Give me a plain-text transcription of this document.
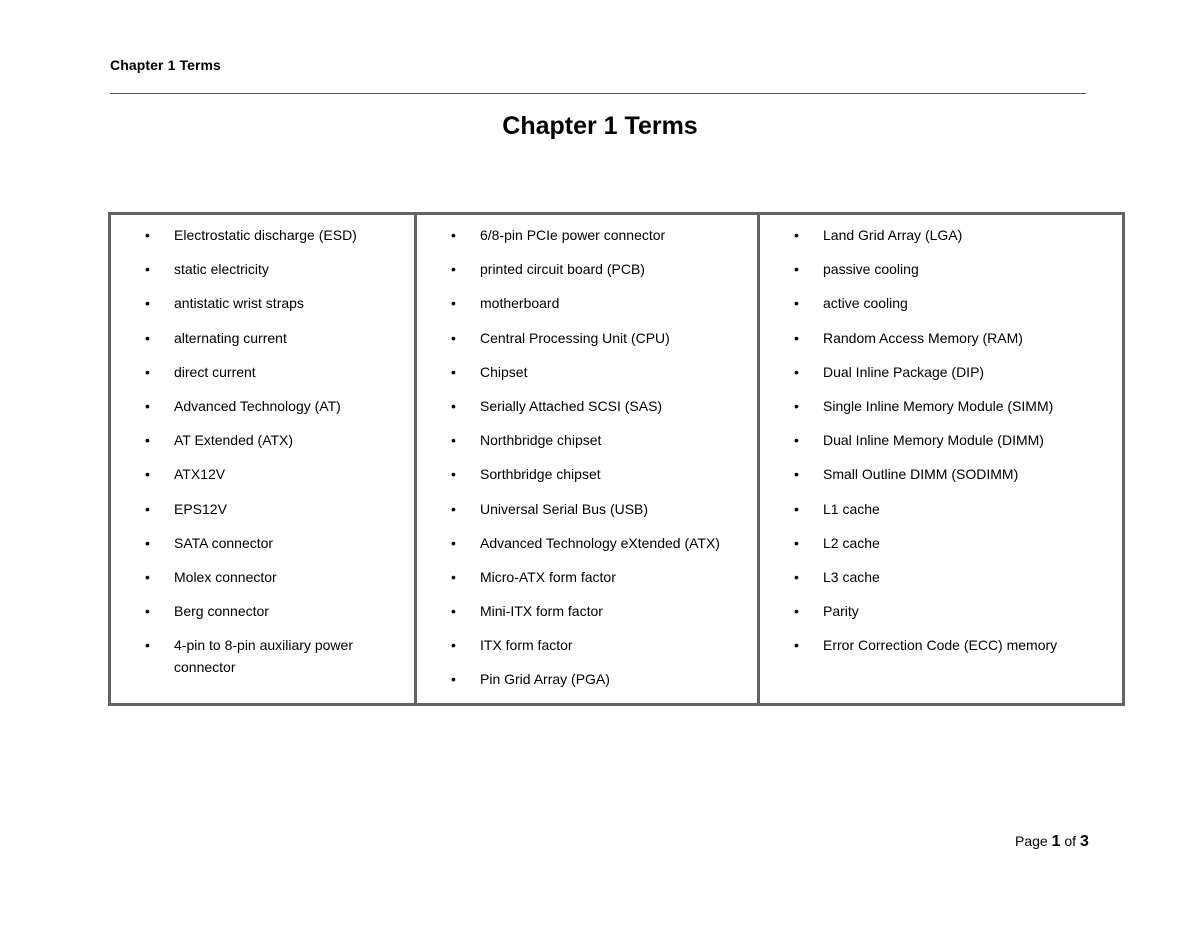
Chapter 1 Terms
Chapter 1 Terms
• Electrostatic discharge (ESD)
• static electricity
• antistatic wrist straps
• alternating current
• direct current
• Advanced Technology (AT)
• AT Extended (ATX)
• ATX12V
• EPS12V
• SATA connector
• Molex connector
• Berg connector
• 4-pin to 8-pin auxiliary power connector

• 6/8-pin PCIe power connector
• printed circuit board (PCB)
• motherboard
• Central Processing Unit (CPU)
• Chipset
• Serially Attached SCSI (SAS)
• Northbridge chipset
• Sorthbridge chipset
• Universal Serial Bus (USB)
• Advanced Technology eXtended (ATX)
• Micro-ATX form factor
• Mini-ITX form factor
• ITX form factor
• Pin Grid Array (PGA)

• Land Grid Array (LGA)
• passive cooling
• active cooling
• Random Access Memory (RAM)
• Dual Inline Package (DIP)
• Single Inline Memory Module (SIMM)
• Dual Inline Memory Module (DIMM)
• Small Outline DIMM (SODIMM)
• L1 cache
• L2 cache
• L3 cache
• Parity
• Error Correction Code (ECC) memory
Page 1 of 3
